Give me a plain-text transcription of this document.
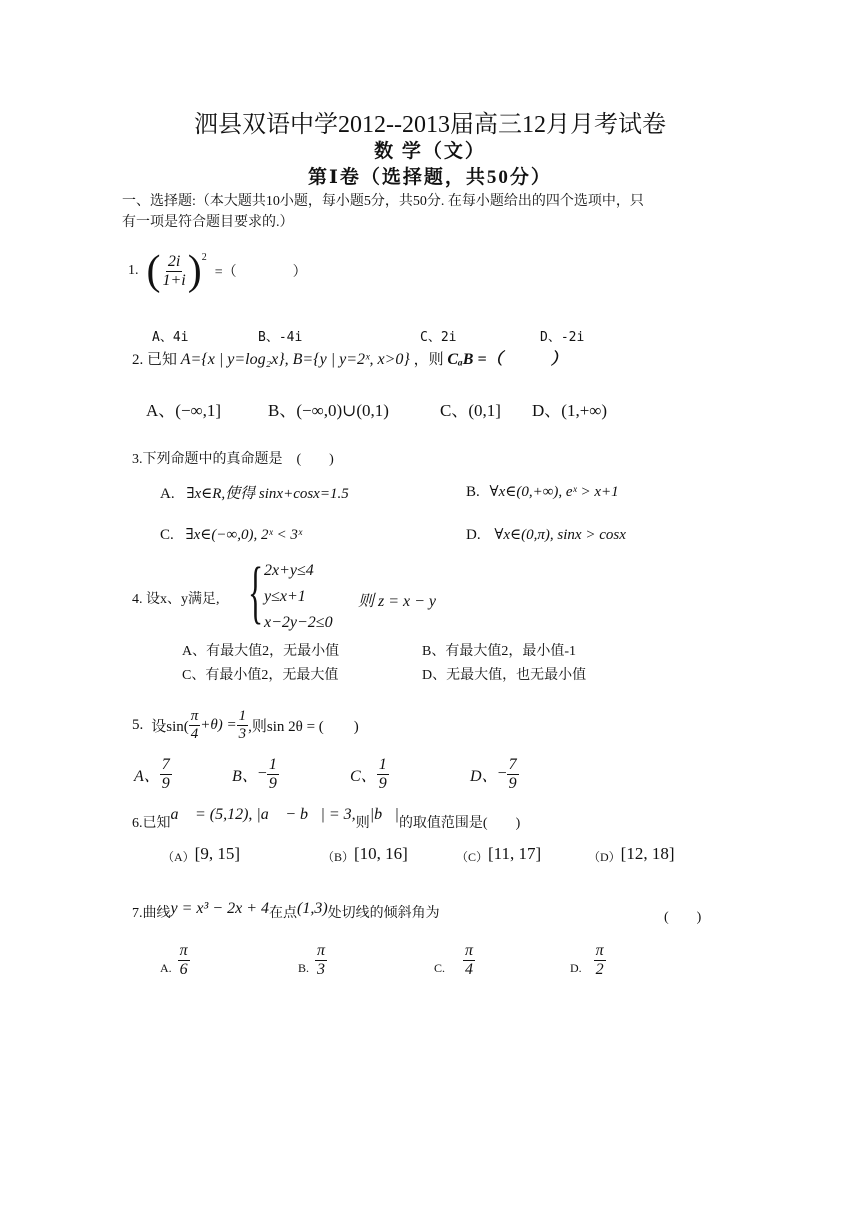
泗县双语中学2012--2013届高三12月月考试卷
数 学（文）
第Ⅰ卷（选择题，共50分）
一、选择题:（本大题共10小题，每小题5分，共50分. 在每小题给出的四个选项中，只
有一项是符合题目要求的.）
1. ( $\frac{2i}{1+i} )^2$
=（　　　　）
A、4i	B、-4i	C、2i	D、-2i
2. 已知 A={x | y=log₂x}, B={y | y=2ˣ, x>0} ，则 CₐB =（　　　）
A、(−∞,1]	B、(−∞,0)∪(0,1)	C、(0,1] D、(1,+∞)
3.下列命题中的真命题是　(　　)
A. ∃x∈R,使得 sinx+cosx=1.5	B. ∀x∈(0,+∞), eˣ > x+1
C. ∃x∈(−∞,0), 2ˣ < 3ˣ	D. ∀x∈(0,π), sinx > cosx
4. 设x、y满足, { 2x+y≤4
y≤x+1
x−2y−2≤0
则 z = x − y
A、有最大值2，无最小值	B、有最大值2，最小值-1
C、有最小值2，无最大值	D、无最大值，也无最小值
5. 设$\sin( \frac{\pi}{4} +\theta) = \frac{1}{3}$ ,则sin 2θ = (　　)
A、 $\frac{7}{9}$	B、 − $\frac{1}{9}$	C、 $\frac{1}{9}$	D、 − $\frac{7}{9}$
6.已知
a⃗ = (5,12), |a⃗ − b⃗| = 3,
则
|b⃗|
的取值范围是(　　)
（A） [9, 15]	（B） [10, 16]	（C） [11, 17]	（D） [12, 18]
7.曲线 y = x³ − 2x + 4 在点 (1,3) 处切线的倾斜角为	(　　)
A. $\frac{\pi}{6}$	B. $\frac{\pi}{3}$	C. $\frac{\pi}{4}$	D. $\frac{\pi}{2}$
